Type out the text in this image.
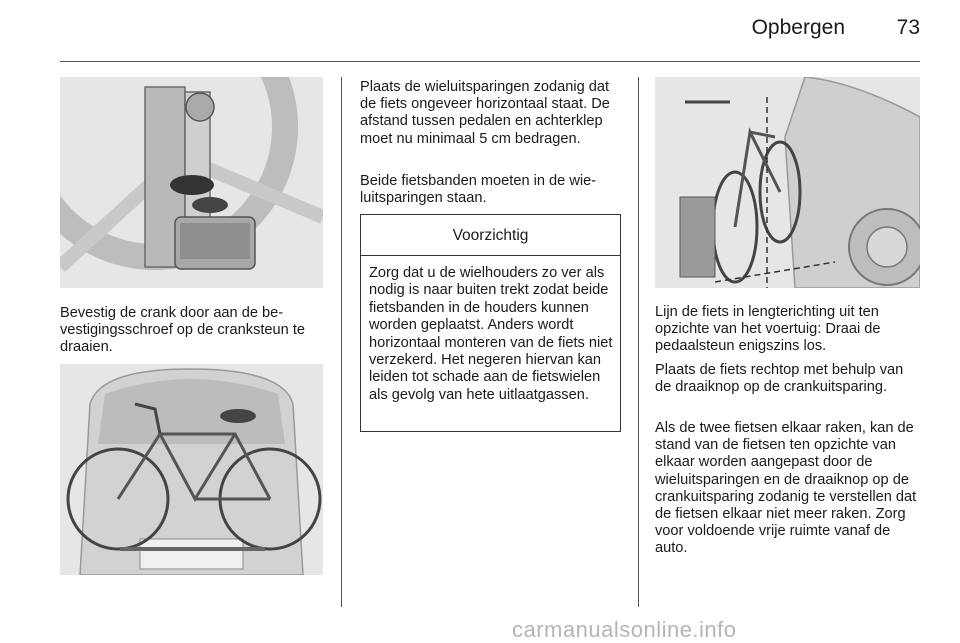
Opbergen	73

Bevestig de crank door aan de bevestigingsschroef op de cranksteun te draaien.

Plaats de wieluitsparingen zodanig dat de fiets ongeveer horizontaal staat. De afstand tussen pedalen en achterklep moet nu minimaal 5 cm bedragen.

Beide fietsbanden moeten in de wieluitsparingen staan.

Voorzichtig

Zorg dat u de wielhouders zo ver als nodig is naar buiten trekt zodat beide fietsbanden in de houders kunnen worden geplaatst. Anders wordt horizontaal monteren van de fiets niet verzekerd. Het negeren hiervan kan leiden tot schade aan de fietswielen als gevolg van hete uitlaatgassen.

Lijn de fiets in lengterichting uit ten opzichte van het voertuig: Draai de pedaalsteun enigszins los.

Plaats de fiets rechtop met behulp van de draaiknop op de crankuitsparing.

Als de twee fietsen elkaar raken, kan de stand van de fietsen ten opzichte van elkaar worden aangepast door de wieluitsparingen en de draaiknop op de crankuitsparing zodanig te verstellen dat de fietsen elkaar niet meer raken. Zorg voor voldoende vrije ruimte vanaf de auto.

carmanualsonline.info
